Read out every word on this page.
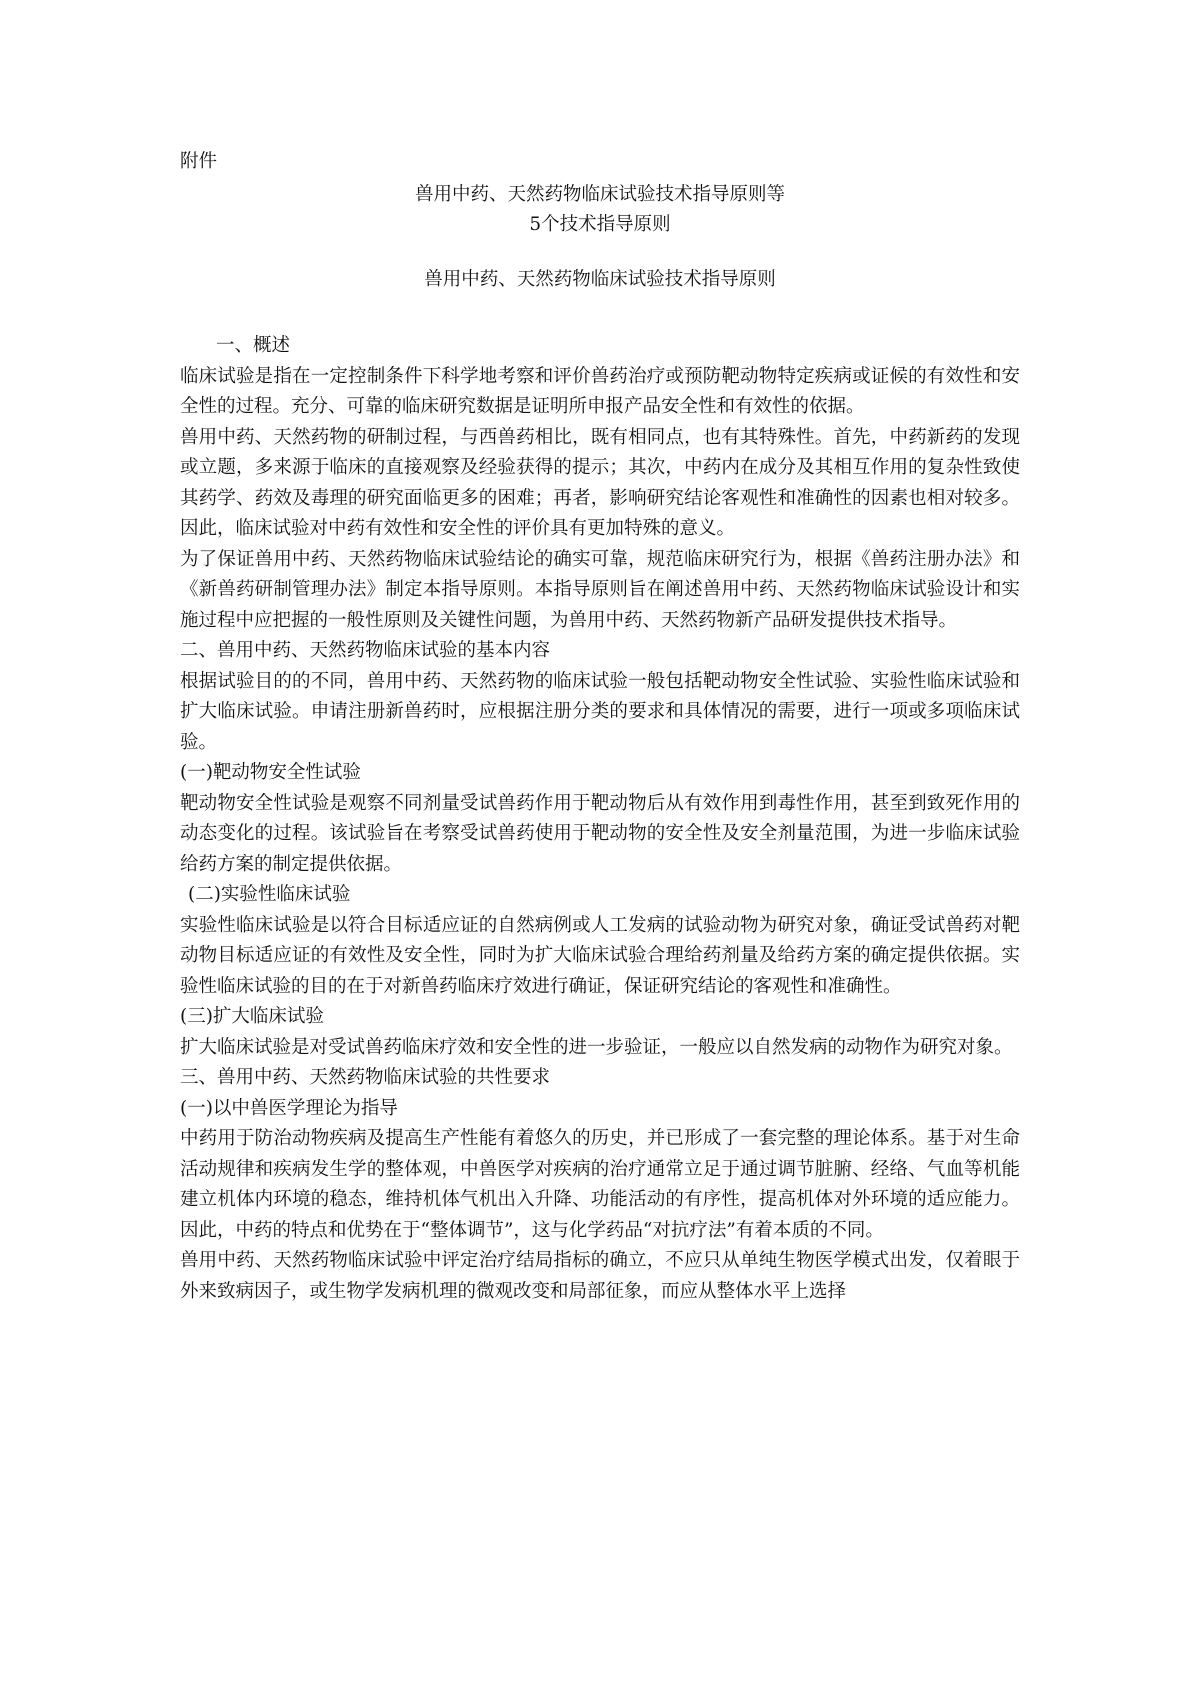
附件

兽用中药、天然药物临床试验技术指导原则等

5个技术指导原则

兽用中药、天然药物临床试验技术指导原则

一、概述

临床试验是指在一定控制条件下科学地考察和评价兽药治疗或预防靶动物特定疾病或证候的有效性和安全性的过程。充分、可靠的临床研究数据是证明所申报产品安全性和有效性的依据。

兽用中药、天然药物的研制过程，与西兽药相比，既有相同点，也有其特殊性。首先，中药新药的发现或立题，多来源于临床的直接观察及经验获得的提示；其次，中药内在成分及其相互作用的复杂性致使其药学、药效及毒理的研究面临更多的困难；再者，影响研究结论客观性和准确性的因素也相对较多。因此，临床试验对中药有效性和安全性的评价具有更加特殊的意义。

为了保证兽用中药、天然药物临床试验结论的确实可靠，规范临床研究行为，根据《兽药注册办法》和《新兽药研制管理办法》制定本指导原则。本指导原则旨在阐述兽用中药、天然药物临床试验设计和实施过程中应把握的一般性原则及关键性问题，为兽用中药、天然药物新产品研发提供技术指导。

二、兽用中药、天然药物临床试验的基本内容

根据试验目的的不同，兽用中药、天然药物的临床试验一般包括靶动物安全性试验、实验性临床试验和扩大临床试验。申请注册新兽药时，应根据注册分类的要求和具体情况的需要，进行一项或多项临床试验。

(一)靶动物安全性试验

靶动物安全性试验是观察不同剂量受试兽药作用于靶动物后从有效作用到毒性作用，甚至到致死作用的动态变化的过程。该试验旨在考察受试兽药使用于靶动物的安全性及安全剂量范围，为进一步临床试验给药方案的制定提供依据。

(二)实验性临床试验

实验性临床试验是以符合目标适应证的自然病例或人工发病的试验动物为研究对象，确证受试兽药对靶动物目标适应证的有效性及安全性，同时为扩大临床试验合理给药剂量及给药方案的确定提供依据。实验性临床试验的目的在于对新兽药临床疗效进行确证，保证研究结论的客观性和准确性。

(三)扩大临床试验

扩大临床试验是对受试兽药临床疗效和安全性的进一步验证，一般应以自然发病的动物作为研究对象。

三、兽用中药、天然药物临床试验的共性要求

(一)以中兽医学理论为指导

中药用于防治动物疾病及提高生产性能有着悠久的历史，并已形成了一套完整的理论体系。基于对生命活动规律和疾病发生学的整体观，中兽医学对疾病的治疗通常立足于通过调节脏腑、经络、气血等机能建立机体内环境的稳态，维持机体气机出入升降、功能活动的有序性，提高机体对外环境的适应能力。因此，中药的特点和优势在于“整体调节”，这与化学药品“对抗疗法”有着本质的不同。

兽用中药、天然药物临床试验中评定治疗结局指标的确立，不应只从单纯生物医学模式出发，仅着眼于外来致病因子，或生物学发病机理的微观改变和局部征象，而应从整体水平上选择
